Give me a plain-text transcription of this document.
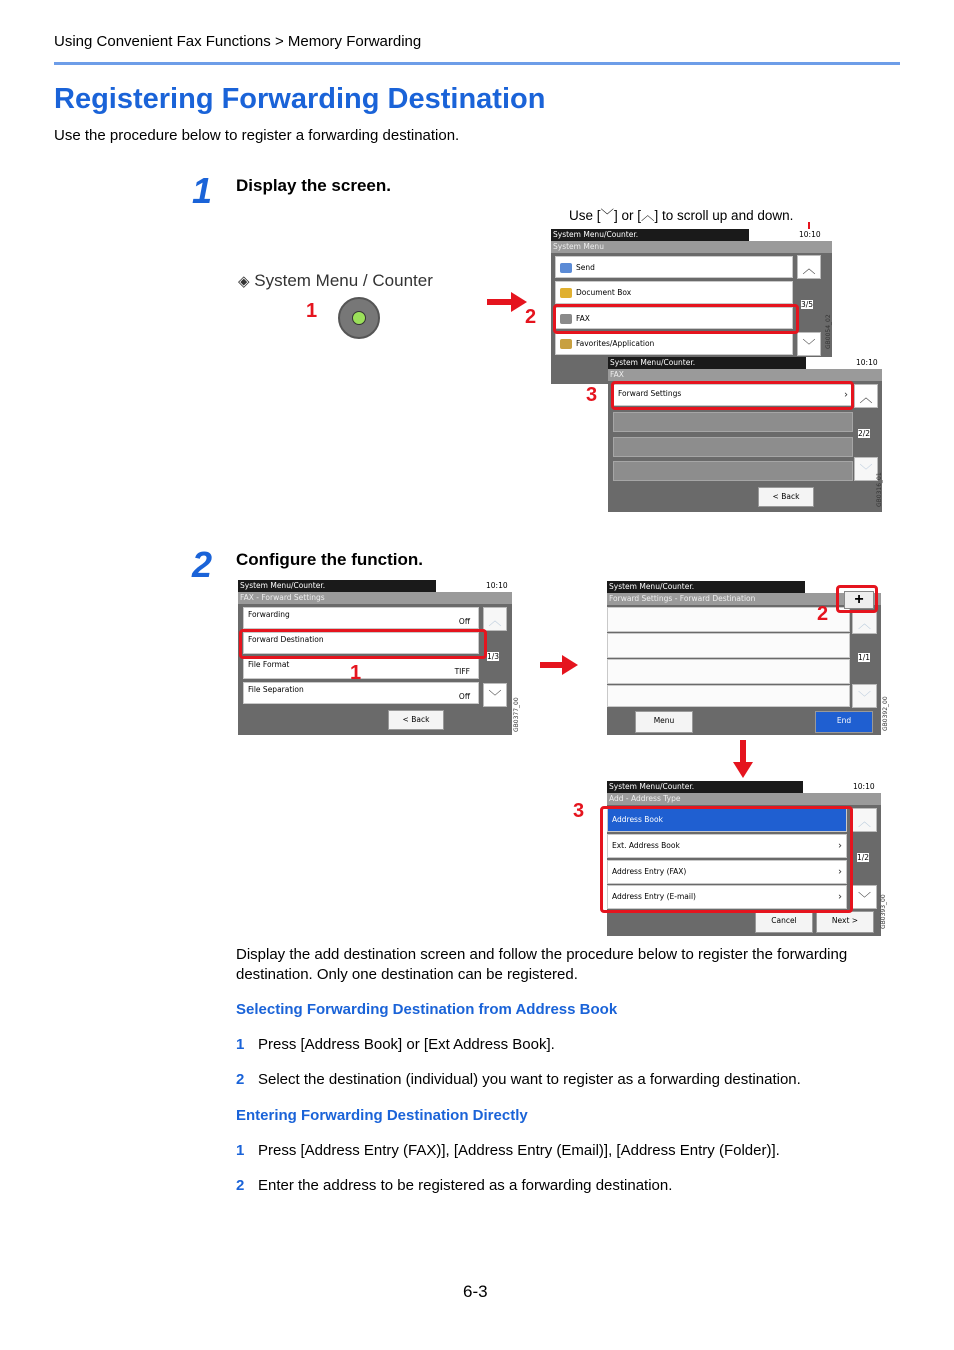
Using Convenient Fax Functions > Memory Forwarding
Registering Forwarding Destination
Use the procedure below to register a forwarding destination.
1 Display the screen.
Use [﹀] or [︿] to scroll up and down.
◈ System Menu / Counter
1	2
System Menu/Counter.	10:10
System Menu
Send
Document Box
FAX
Favorites/Application
︿
3/5
﹀ GB0054_02
System Menu/Counter.	10:10
FAX
Forward Settings	› ︿
2/2
﹀
< Back	GB0316_01
3
2 Configure the function.
System Menu/Counter.	10:10
FAX - Forward Settings
Forwarding
Off
Forward Destination
File Format
TIFF
File Separation
Off
︿
1/3
﹀
< Back	GB0377_00
1
System Menu/Counter.
Forward Settings - Forward Destination
︿
1/1
﹀
Menu	End	GB0392_00
+
2
System Menu/Counter.	10:10
Add - Address Type
Address Book
Ext. Address Book	›
Address Entry (FAX)	›
Address Entry (E-mail)	›
︿
1/2
﹀
Cancel	Next >	GB0393_00
3
Display the add destination screen and follow the procedure below to register the forwarding destination. Only one destination can be registered.
Selecting Forwarding Destination from Address Book
1 Press [Address Book] or [Ext Address Book].
2 Select the destination (individual) you want to register as a forwarding destination.
Entering Forwarding Destination Directly
1 Press [Address Entry (FAX)], [Address Entry (Email)], [Address Entry (Folder)].
2 Enter the address to be registered as a forwarding destination.
6-3
